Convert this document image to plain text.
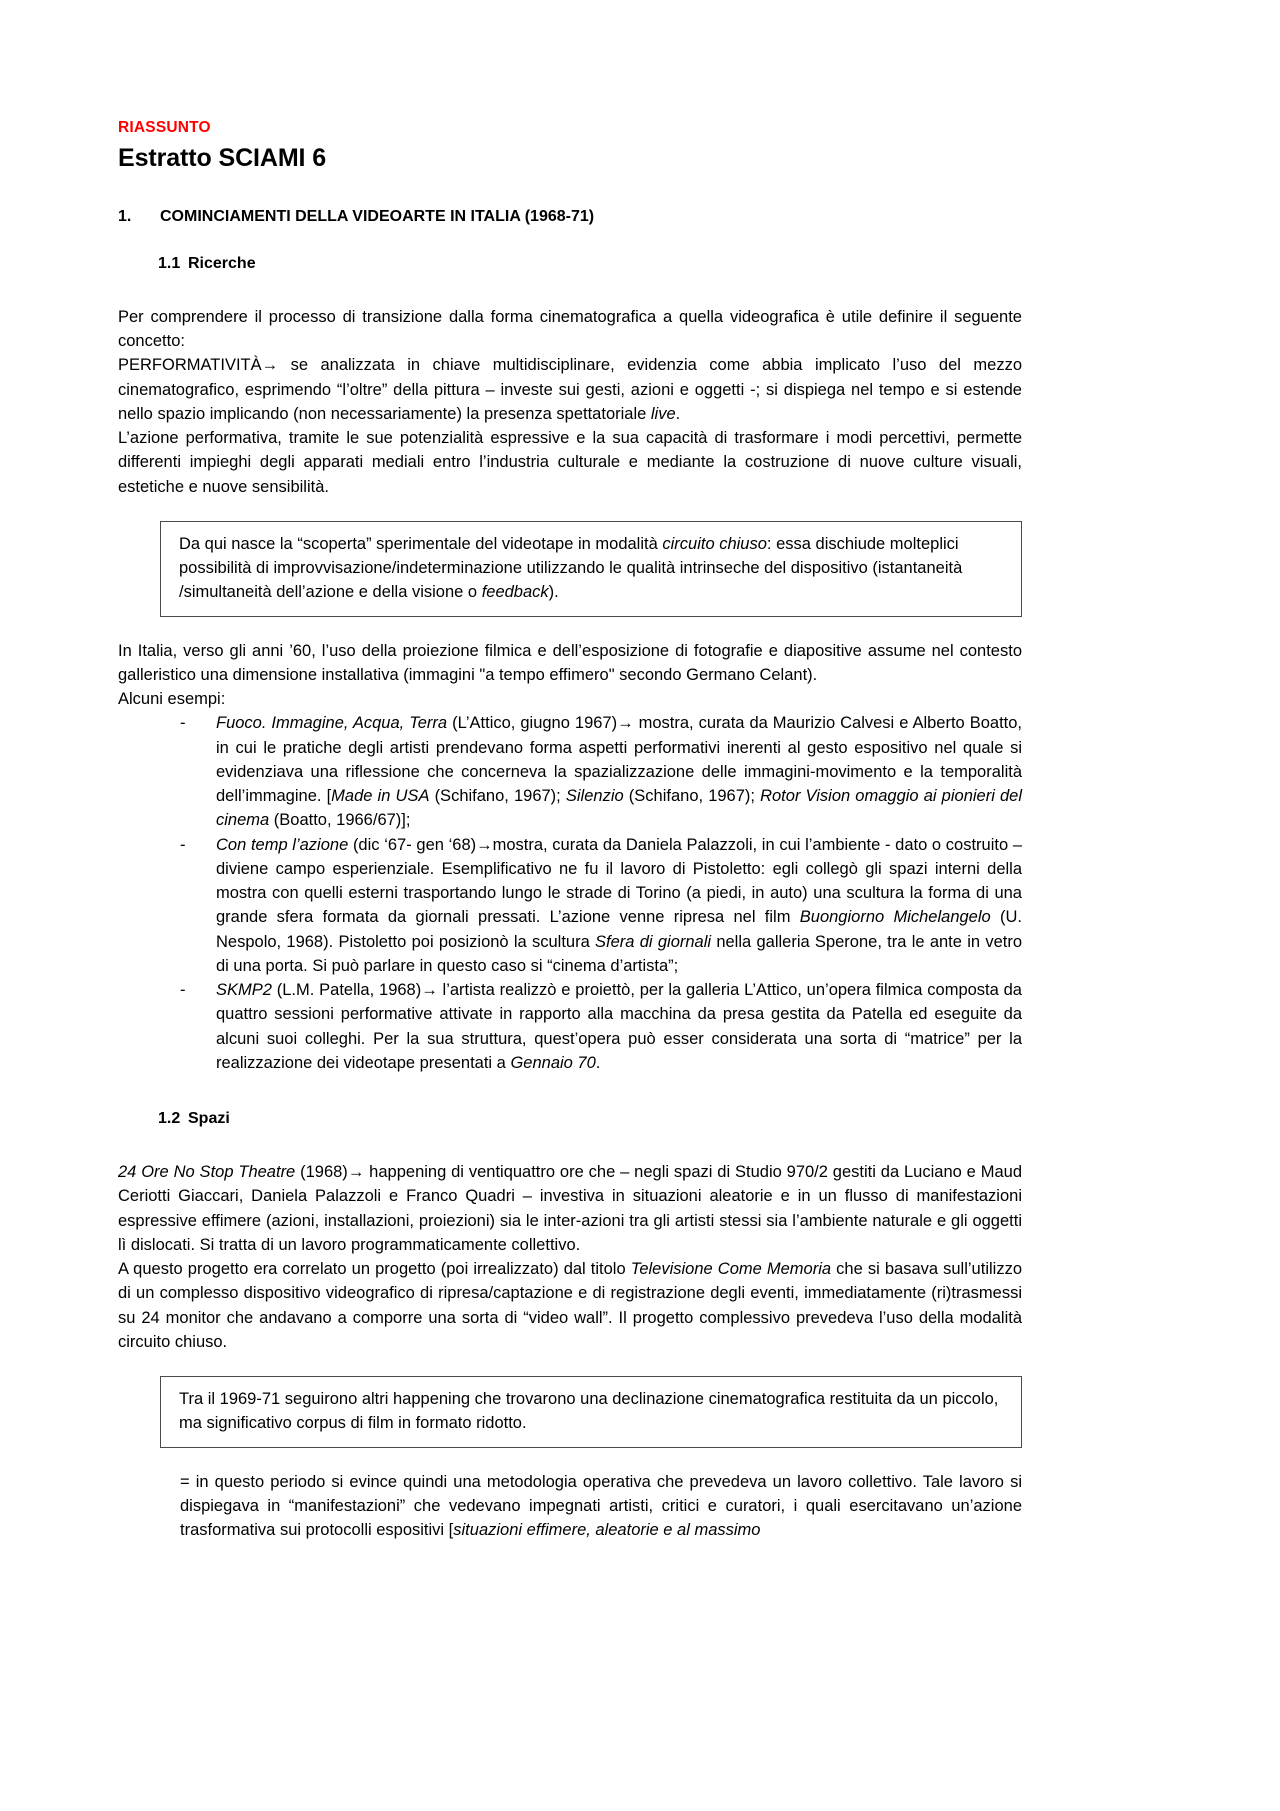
RIASSUNTO
Estratto SCIAMI 6
1. COMINCIAMENTI DELLA VIDEOARTE IN ITALIA (1968-71)
1.1 Ricerche

Per comprendere il processo di transizione dalla forma cinematografica a quella videografica è utile definire il seguente concetto:

PERFORMATIVITÀ→ se analizzata in chiave multidisciplinare, evidenzia come abbia implicato l’uso del mezzo cinematografico, esprimendo “l’oltre” della pittura – investe sui gesti, azioni e oggetti -; si dispiega nel tempo e si estende nello spazio implicando (non necessariamente) la presenza spettatoriale live.

L’azione performativa, tramite le sue potenzialità espressive e la sua capacità di trasformare i modi percettivi, permette differenti impieghi degli apparati mediali entro l’industria culturale e mediante la costruzione di nuove culture visuali, estetiche e nuove sensibilità.

Da qui nasce la “scoperta” sperimentale del videotape in modalità circuito chiuso: essa dischiude molteplici possibilità di improvvisazione/indeterminazione utilizzando le qualità intrinseche del dispositivo (istantaneità /simultaneità dell’azione e della visione o feedback).

In Italia, verso gli anni ’60, l’uso della proiezione filmica e dell’esposizione di fotografie e diapositive assume nel contesto galleristico una dimensione installativa (immagini "a tempo effimero" secondo Germano Celant).

Alcuni esempi:

- Fuoco. Immagine, Acqua, Terra (L’Attico, giugno 1967)→ mostra, curata da Maurizio Calvesi e Alberto Boatto, in cui le pratiche degli artisti prendevano forma aspetti performativi inerenti al gesto espositivo nel quale si evidenziava una riflessione che concerneva la spazializzazione delle immagini-movimento e la temporalità dell’immagine. [Made in USA (Schifano, 1967); Silenzio (Schifano, 1967); Rotor Vision omaggio ai pionieri del cinema (Boatto, 1966/67)];
- Con temp l’azione (dic ‘67- gen ‘68)→mostra, curata da Daniela Palazzoli, in cui l’ambiente - dato o costruito – diviene campo esperienziale. Esemplificativo ne fu il lavoro di Pistoletto: egli collegò gli spazi interni della mostra con quelli esterni trasportando lungo le strade di Torino (a piedi, in auto) una scultura la forma di una grande sfera formata da giornali pressati. L’azione venne ripresa nel film Buongiorno Michelangelo (U. Nespolo, 1968). Pistoletto poi posizionò la scultura Sfera di giornali nella galleria Sperone, tra le ante in vetro di una porta. Si può parlare in questo caso si “cinema d’artista”;
- SKMP2 (L.M. Patella, 1968)→ l’artista realizzò e proiettò, per la galleria L’Attico, un’opera filmica composta da quattro sessioni performative attivate in rapporto alla macchina da presa gestita da Patella ed eseguite da alcuni suoi colleghi. Per la sua struttura, quest’opera può esser considerata una sorta di “matrice” per la realizzazione dei videotape presentati a Gennaio 70.
1.2 Spazi

24 Ore No Stop Theatre (1968)→ happening di ventiquattro ore che – negli spazi di Studio 970/2 gestiti da Luciano e Maud Ceriotti Giaccari, Daniela Palazzoli e Franco Quadri – investiva in situazioni aleatorie e in un flusso di manifestazioni espressive effimere (azioni, installazioni, proiezioni) sia le inter-azioni tra gli artisti stessi sia l’ambiente naturale e gli oggetti lì dislocati. Si tratta di un lavoro programmaticamente collettivo.

A questo progetto era correlato un progetto (poi irrealizzato) dal titolo Televisione Come Memoria che si basava sull’utilizzo di un complesso dispositivo videografico di ripresa/captazione e di registrazione degli eventi, immediatamente (ri)trasmessi su 24 monitor che andavano a comporre una sorta di “video wall”. Il progetto complessivo prevedeva l’uso della modalità circuito chiuso.

Tra il 1969-71 seguirono altri happening che trovarono una declinazione cinematografica restituita da un piccolo, ma significativo corpus di film in formato ridotto.

= in questo periodo si evince quindi una metodologia operativa che prevedeva un lavoro collettivo. Tale lavoro si dispiegava in “manifestazioni” che vedevano impegnati artisti, critici e curatori, i quali esercitavano un’azione trasformativa sui protocolli espositivi [situazioni effimere, aleatorie e al massimo
